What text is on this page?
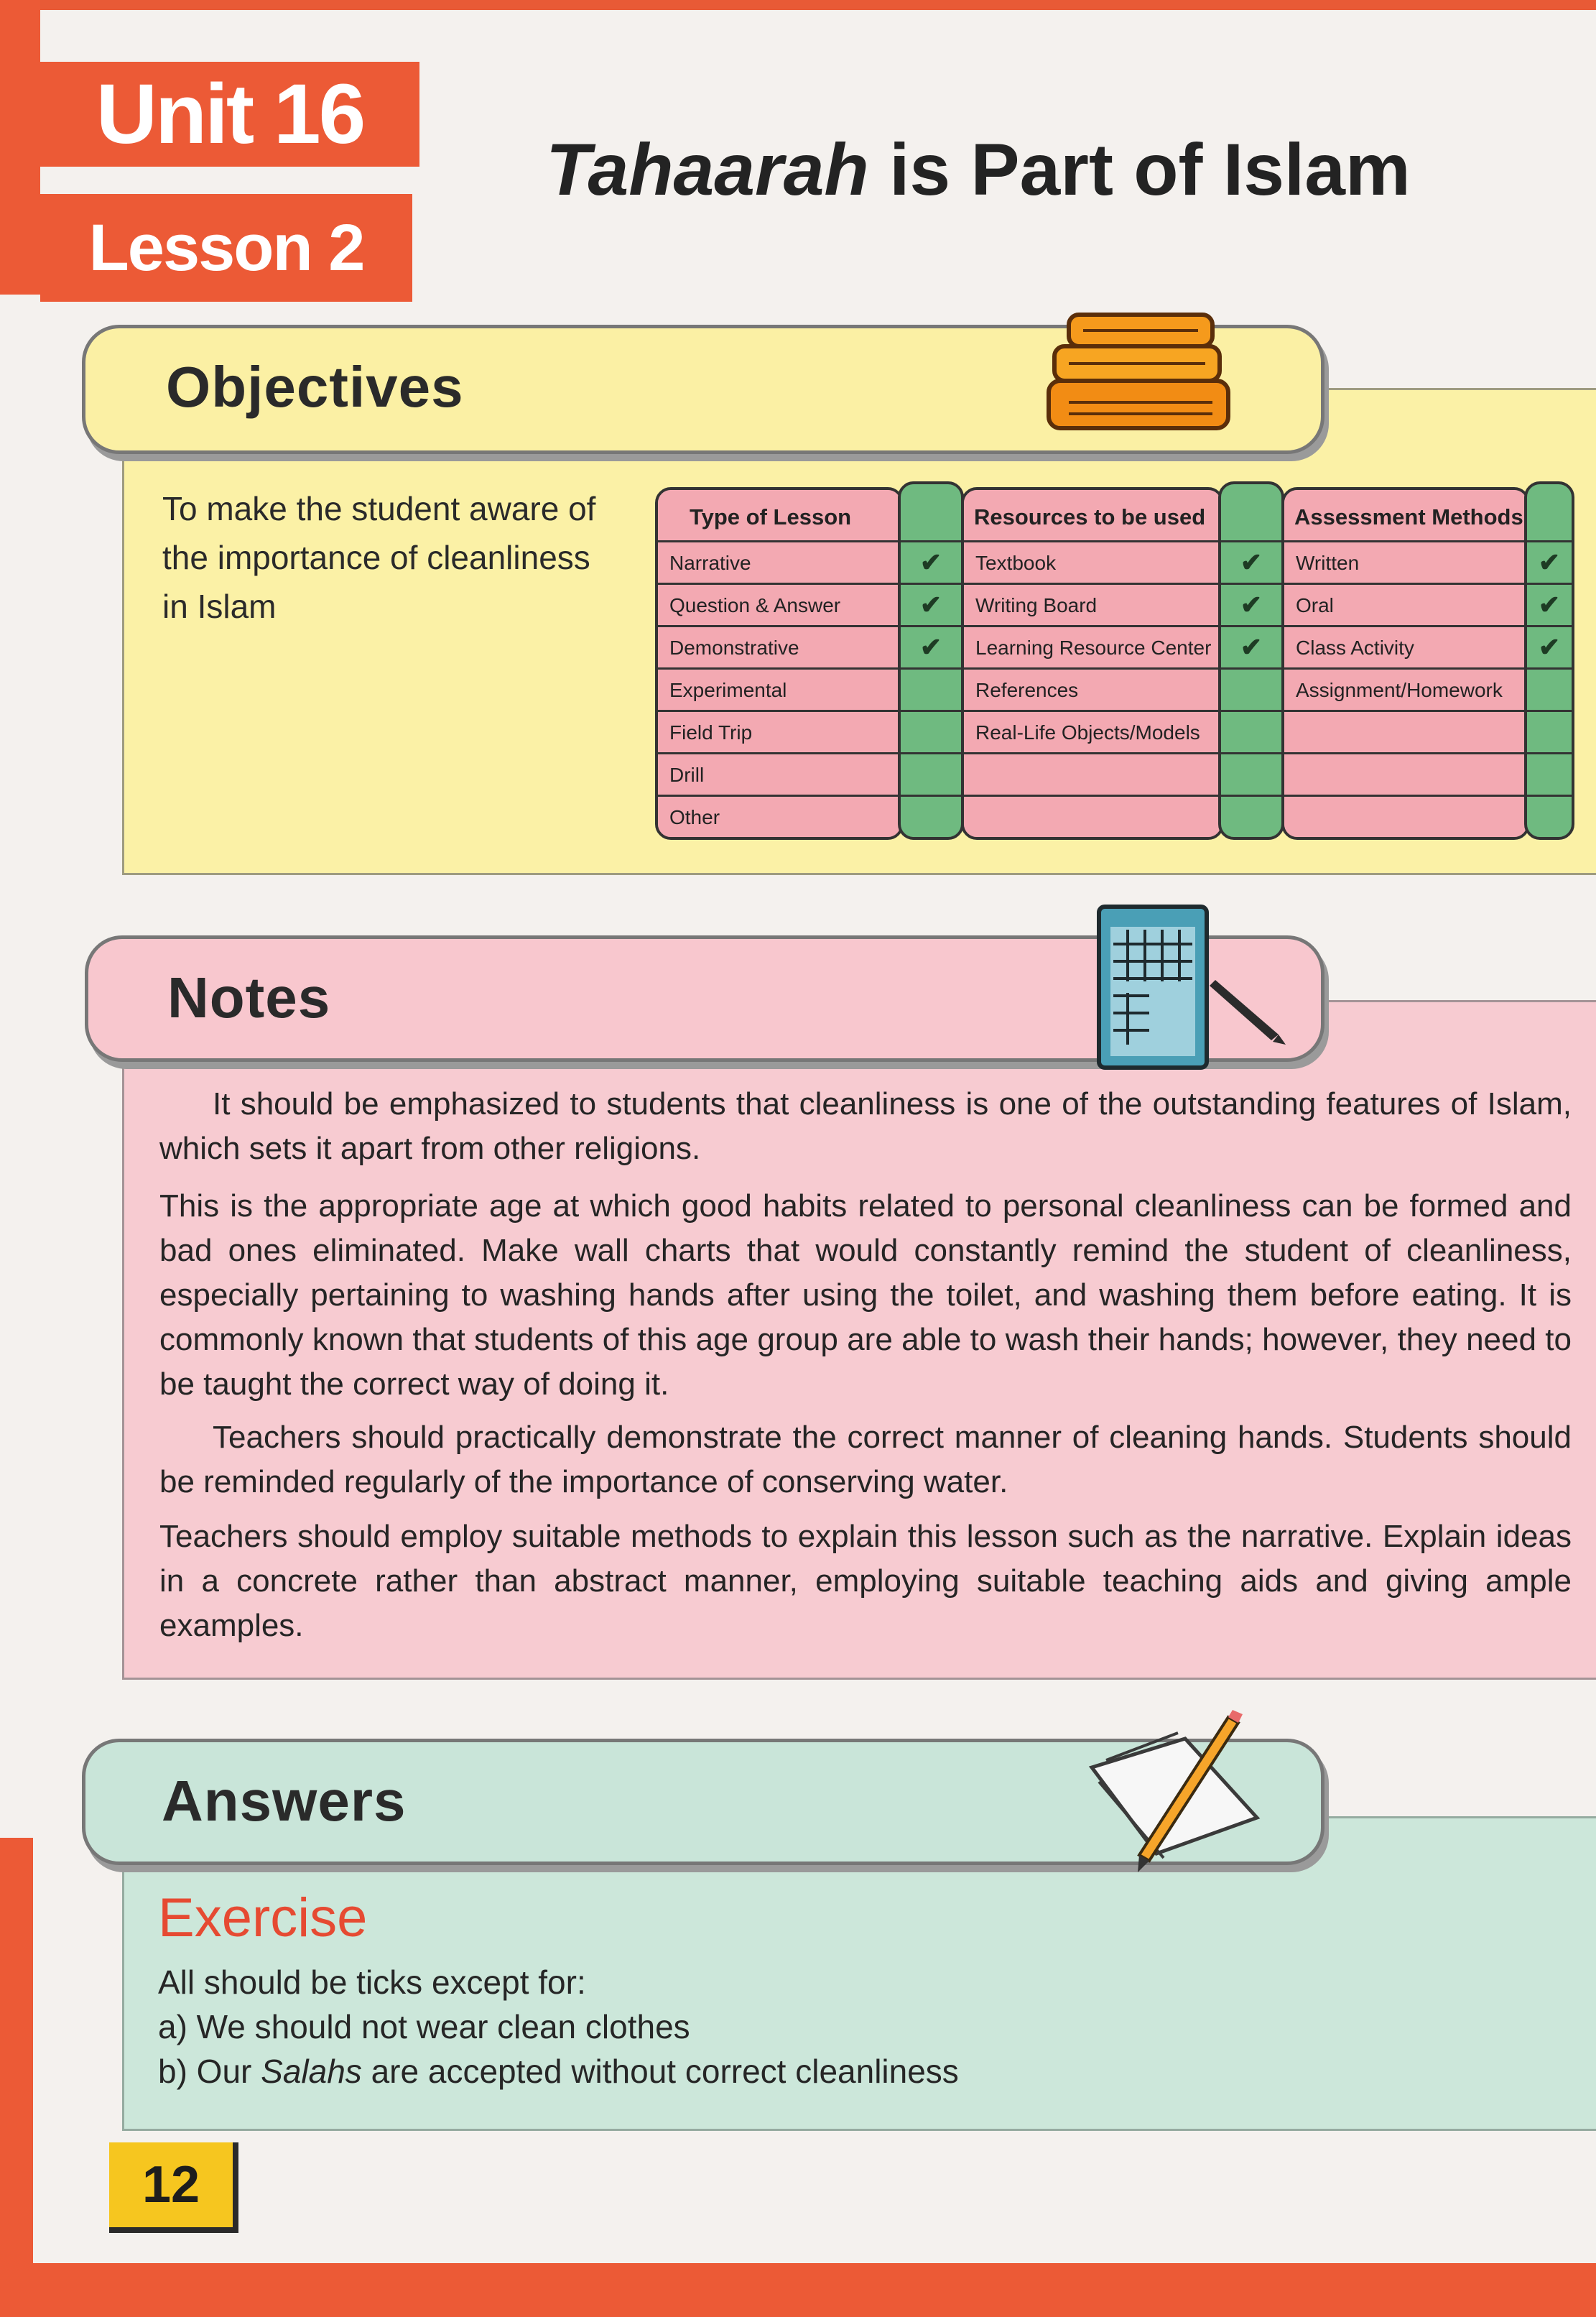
Unit 16
Lesson 2
Tahaarah is Part of Islam
Objectives
To make the student aware of the importance of cleanliness in Islam
Type of Lesson
Narrative
Question & Answer
Demonstrative
Experimental
Field Trip
Drill
Other
✔
✔
✔
Resources to be used
Textbook
Writing Board
Learning Resource Center
References
Real-Life Objects/Models
✔
✔
✔
Assessment Methods
Written
Oral
Class Activity
Assignment/Homework
✔
✔
✔
Notes
It should be emphasized to students that cleanliness is one of the outstanding features of Islam, which sets it apart from other religions.
This is the appropriate age at which good habits related to personal cleanliness can be formed and bad ones eliminated. Make wall charts that would constantly remind the student of cleanliness, especially pertaining to washing hands after using the toilet, and washing them before eating. It is commonly known that students of this age group are able to wash their hands; however, they need to be taught the correct way of doing it.
Teachers should practically demonstrate the correct manner of cleaning hands. Students should be reminded regularly of the importance of conserving water.
Teachers should employ suitable methods to explain this lesson such as the narrative. Explain ideas in a concrete rather than abstract manner, employing suitable teaching aids and giving ample examples.
Answers
Exercise
All should be ticks except for:
a) We should not wear clean clothes
b) Our Salahs are accepted without correct cleanliness
12
